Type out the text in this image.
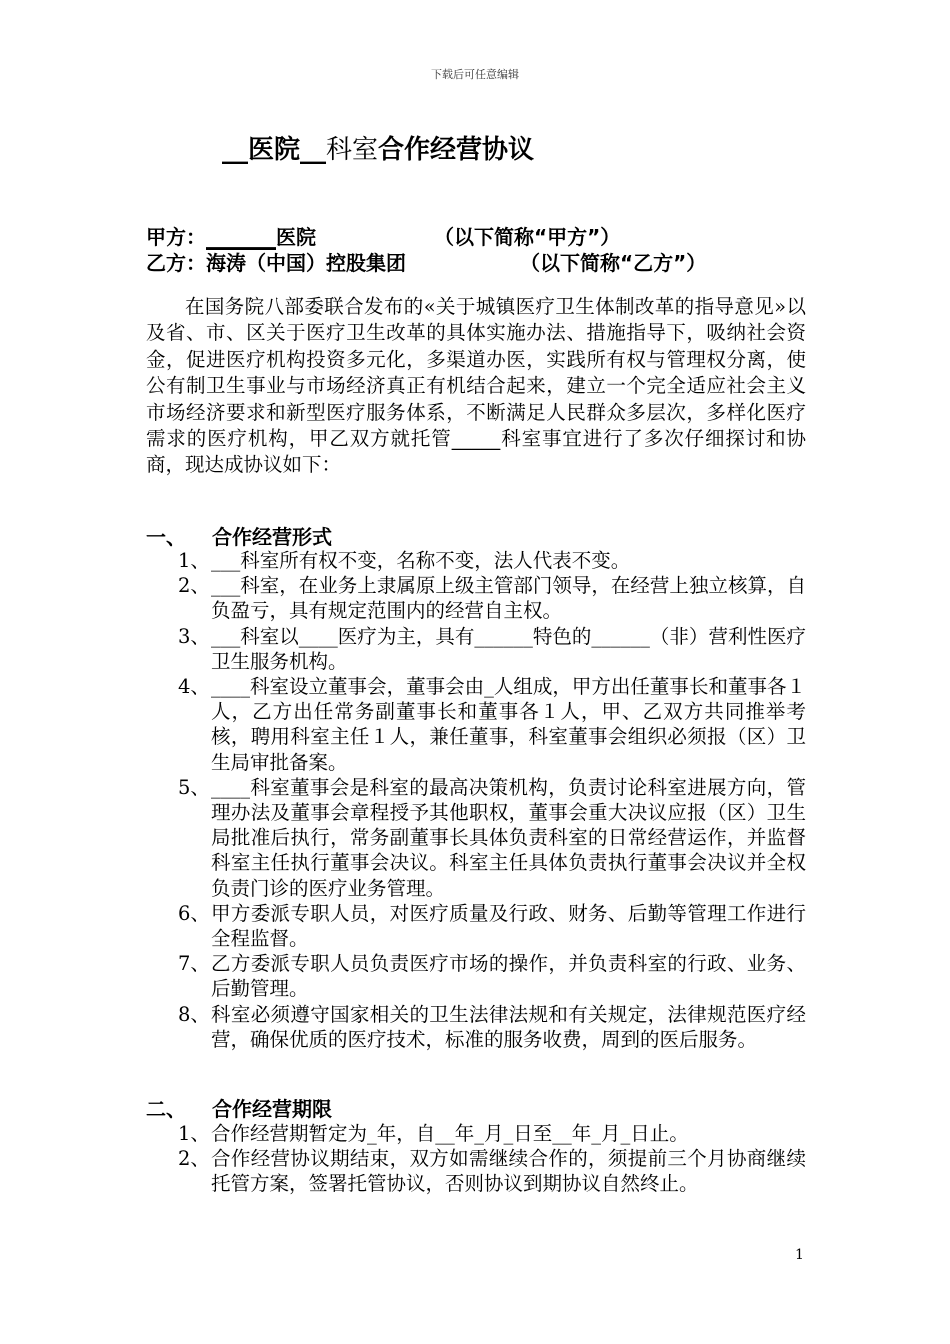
下载后可任意编辑
__医院__科室合作经营协议
甲方：_______医院	（以下简称“甲方”）
乙方：海涛（中国）控股集团	（以下简称“乙方”）

在国务院八部委联合发布的«关于城镇医疗卫生体制改革的指导意见»以及省、市、区关于医疗卫生改革的具体实施办法、措施指导下，吸纳社会资金，促进医疗机构投资多元化，多渠道办医，实践所有权与管理权分离，使公有制卫生事业与市场经济真正有机结合起来，建立一个完全适应社会主义市场经济要求和新型医疗服务体系，不断满足人民群众多层次，多样化医疗需求的医疗机构，甲乙双方就托管_____科室事宜进行了多次仔细探讨和协商，现达成协议如下：

一、 合作经营形式
1、 ___科室所有权不变，名称不变，法人代表不变。
2、 ___科室，在业务上隶属原上级主管部门领导，在经营上独立核算，自负盈亏，具有规定范围内的经营自主权。
3、 ___科室以____医疗为主，具有______特色的______（非）营利性医疗卫生服务机构。
4、 ____科室设立董事会，董事会由_人组成，甲方出任董事长和董事各１人，乙方出任常务副董事长和董事各１人，甲、乙双方共同推举考核，聘用科室主任１人，兼任董事，科室董事会组织必须报（区）卫生局审批备案。
5、 ____科室董事会是科室的最高决策机构，负责讨论科室进展方向，管理办法及董事会章程授予其他职权，董事会重大决议应报（区）卫生局批准后执行，常务副董事长具体负责科室的日常经营运作，并监督科室主任执行董事会决议。科室主任具体负责执行董事会决议并全权负责门诊的医疗业务管理。
6、 甲方委派专职人员，对医疗质量及行政、财务、后勤等管理工作进行全程监督。
7、 乙方委派专职人员负责医疗市场的操作，并负责科室的行政、业务、后勤管理。
8、 科室必须遵守国家相关的卫生法律法规和有关规定，法律规范医疗经营，确保优质的医疗技术，标准的服务收费，周到的医后服务。
二、 合作经营期限
1、 合作经营期暂定为_年，自__年_月_日至__年_月_日止。
2、 合作经营协议期结束，双方如需继续合作的，须提前三个月协商继续托管方案，签署托管协议，否则协议到期协议自然终止。
1
